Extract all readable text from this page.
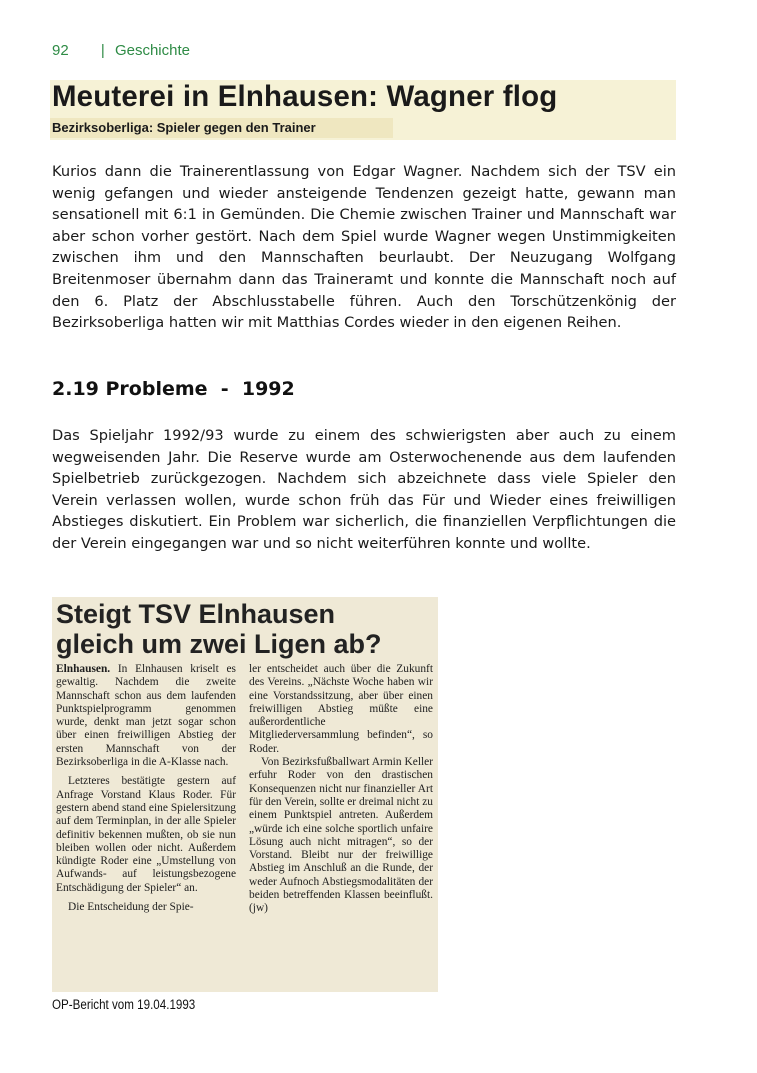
92 | Geschichte
Meuterei in Elnhausen: Wagner flog
Bezirksoberliga: Spieler gegen den Trainer
Kurios dann die Trainerentlassung von Edgar Wagner. Nachdem sich der TSV ein wenig gefangen und wieder ansteigende Tendenzen gezeigt hatte, gewann man sensationell mit 6:1 in Gemünden. Die Chemie zwischen Trainer und Mannschaft war aber schon vorher gestört. Nach dem Spiel wurde Wagner wegen Unstimmigkeiten zwischen ihm und den Mannschaften beurlaubt. Der Neuzugang Wolfgang Breitenmoser übernahm dann das Traineramt und konnte die Mannschaft noch auf den 6. Platz der Abschlusstabelle führen. Auch den Torschützenkönig der Bezirksoberliga hatten wir mit Matthias Cordes wieder in den eigenen Reihen.
2.19 Probleme  -  1992
Das Spieljahr 1992/93 wurde zu einem des schwierigsten aber auch zu einem wegweisenden Jahr. Die Reserve wurde am Osterwochenende aus dem laufenden Spielbetrieb zurückgezogen. Nachdem sich abzeichnete dass viele Spieler den Verein verlassen wollen, wurde schon früh das Für und Wieder eines freiwilligen Abstieges diskutiert. Ein Problem war sicherlich, die finanziellen Verpflichtungen die der Verein eingegangen war und so nicht weiterführen konnte und wollte.
Steigt TSV Elnhausen
gleich um zwei Ligen ab?

Elnhausen. In Elnhausen kriselt es gewaltig. Nachdem die zweite Mannschaft schon aus dem laufenden Punktspielprogramm genommen wurde, denkt man jetzt sogar schon über einen freiwilligen Abstieg der ersten Mannschaft von der Bezirksoberliga in die A-Klasse nach.

Letzteres bestätigte gestern auf Anfrage Vorstand Klaus Roder. Für gestern abend stand eine Spielersitzung auf dem Terminplan, in der alle Spieler definitiv bekennen mußten, ob sie nun bleiben wollen oder nicht. Außerdem kündigte Roder eine „Umstellung von Aufwands- auf leistungsbezogene Entschädigung der Spieler“ an.

Die Entscheidung der Spie-

ler entscheidet auch über die Zukunft des Vereins. „Nächste Woche haben wir eine Vorstandssitzung, aber über einen freiwilligen Abstieg müßte eine außerordentliche Mitgliederversammlung befinden“, so Roder.

Von Bezirksfußballwart Armin Keller erfuhr Roder von den drastischen Konsequenzen nicht nur finanzieller Art für den Verein, sollte er dreimal nicht zu einem Punktspiel antreten. Außerdem „würde ich eine solche sportlich unfaire Lösung auch nicht mitragen“, so der Vorstand. Bleibt nur der freiwillige Abstieg im Anschluß an die Runde, der weder Aufnoch Abstiegsmodalitäten der beiden betreffenden Klassen beeinflußt. (jw)

OP-Bericht vom 19.04.1993
